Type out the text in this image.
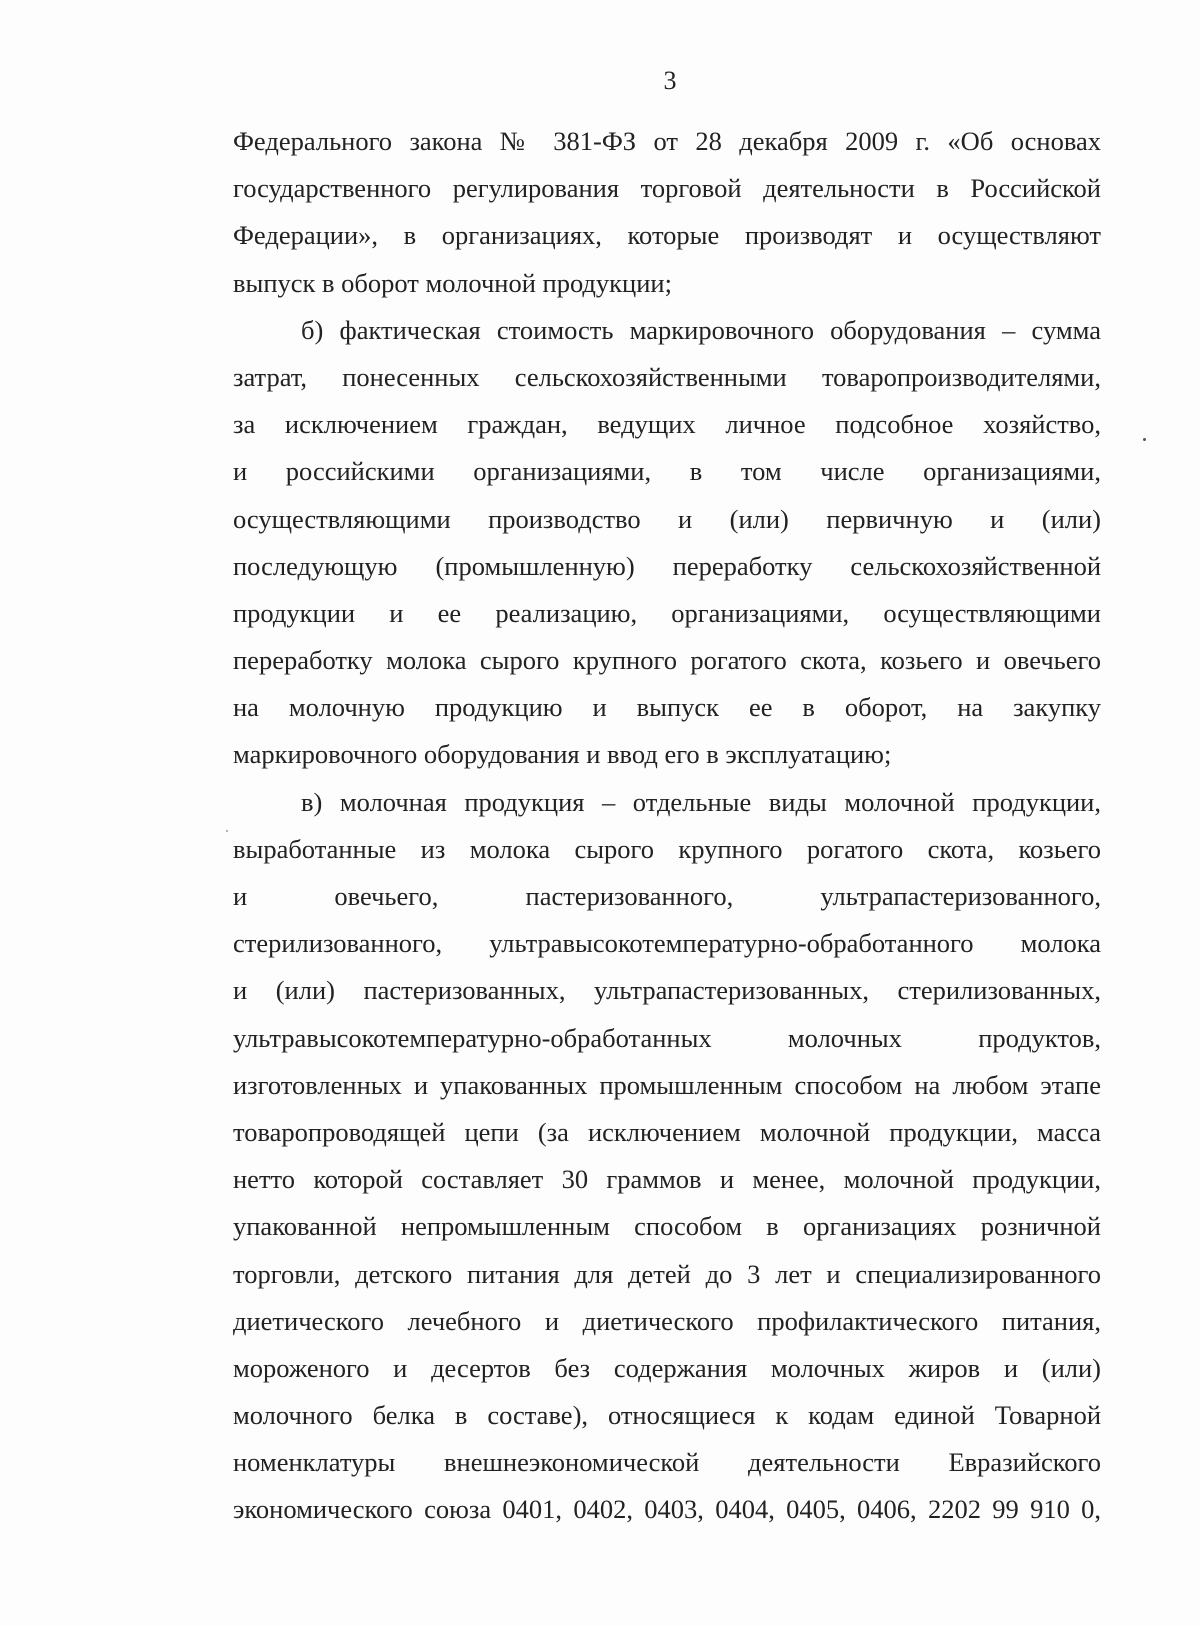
3
Федерального закона № 381-ФЗ от 28 декабря 2009 г. «Об основах
государственного регулирования торговой деятельности в Российской
Федерации», в организациях, которые производят и осуществляют
выпуск в оборот молочной продукции;
б) фактическая стоимость маркировочного оборудования – сумма
затрат, понесенных сельскохозяйственными товаропроизводителями,
за исключением граждан, ведущих личное подсобное хозяйство,
и российскими организациями, в том числе организациями,
осуществляющими производство и (или) первичную и (или)
последующую (промышленную) переработку сельскохозяйственной
продукции и ее реализацию, организациями, осуществляющими
переработку молока сырого крупного рогатого скота, козьего и овечьего
на молочную продукцию и выпуск ее в оборот, на закупку
маркировочного оборудования и ввод его в эксплуатацию;
в) молочная продукция – отдельные виды молочной продукции,
выработанные из молока сырого крупного рогатого скота, козьего
и овечьего, пастеризованного, ультрапастеризованного,
стерилизованного, ультравысокотемпературно-обработанного молока
и (или) пастеризованных, ультрапастеризованных, стерилизованных,
ультравысокотемпературно-обработанных молочных продуктов,
изготовленных и упакованных промышленным способом на любом этапе
товаропроводящей цепи (за исключением молочной продукции, масса
нетто которой составляет 30 граммов и менее, молочной продукции,
упакованной непромышленным способом в организациях розничной
торговли, детского питания для детей до 3 лет и специализированного
диетического лечебного и диетического профилактического питания,
мороженого и десертов без содержания молочных жиров и (или)
молочного белка в составе), относящиеся к кодам единой Товарной
номенклатуры внешнеэкономической деятельности Евразийского
экономического союза 0401, 0402, 0403, 0404, 0405, 0406, 2202 99 910 0,
